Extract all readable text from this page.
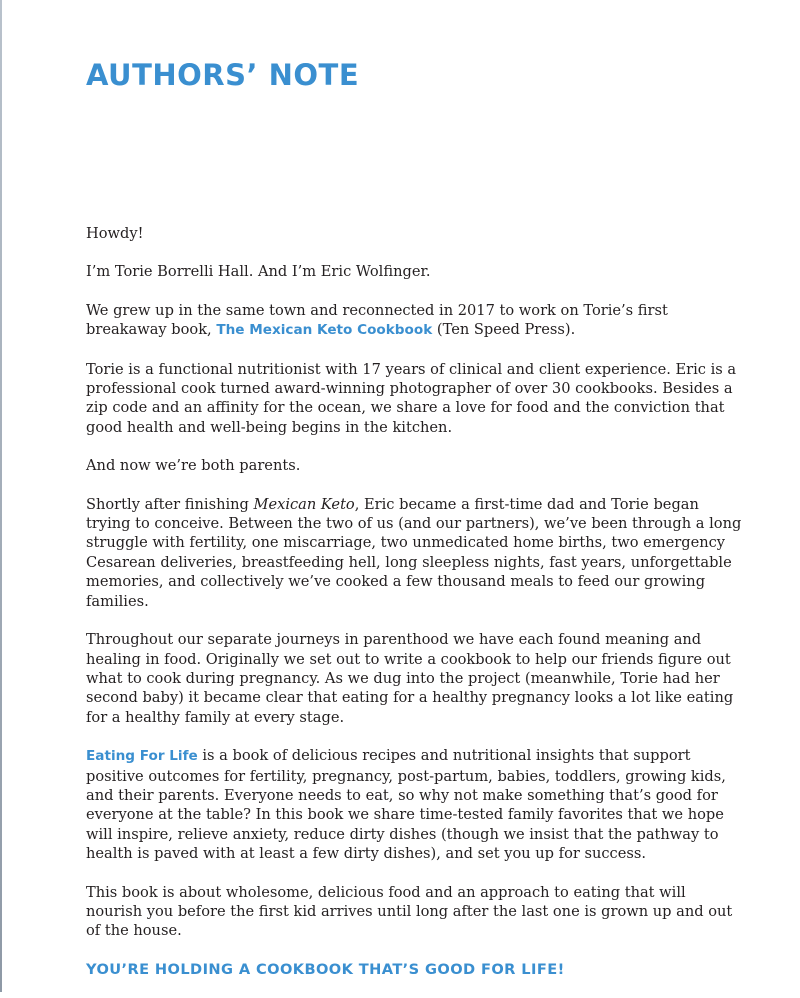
AUTHORS’ NOTE

Howdy!

I’m Torie Borrelli Hall. And I’m Eric Wolfinger.

We grew up in the same town and reconnected in 2017 to work on Torie’s first breakaway book, The Mexican Keto Cookbook (Ten Speed Press).

Torie is a functional nutritionist with 17 years of clinical and client experience. Eric is a professional cook turned award-winning photographer of over 30 cookbooks. Besides a zip code and an affinity for the ocean, we share a love for food and the conviction that good health and well-being begins in the kitchen.

And now we’re both parents.

Shortly after finishing Mexican Keto, Eric became a first-time dad and Torie began trying to conceive. Between the two of us (and our partners), we’ve been through a long struggle with fertility, one miscarriage, two unmedicated home births, two emergency Cesarean deliveries, breastfeeding hell, long sleepless nights, fast years, unforgettable memories, and collectively we’ve cooked a few thousand meals to feed our growing families.

Throughout our separate journeys in parenthood we have each found meaning and healing in food. Originally we set out to write a cookbook to help our friends figure out what to cook during pregnancy. As we dug into the project (meanwhile, Torie had her second baby) it became clear that eating for a healthy pregnancy looks a lot like eating for a healthy family at every stage.

Eating For Life is a book of delicious recipes and nutritional insights that support positive outcomes for fertility, pregnancy, post-partum, babies, toddlers, growing kids, and their parents. Everyone needs to eat, so why not make something that’s good for everyone at the table? In this book we share time-tested family favorites that we hope will inspire, relieve anxiety, reduce dirty dishes (though we insist that the pathway to health is paved with at least a few dirty dishes), and set you up for success.

This book is about wholesome, delicious food and an approach to eating that will nourish you before the first kid arrives until long after the last one is grown up and out of the house.

YOU’RE HOLDING A COOKBOOK THAT’S GOOD FOR LIFE!
